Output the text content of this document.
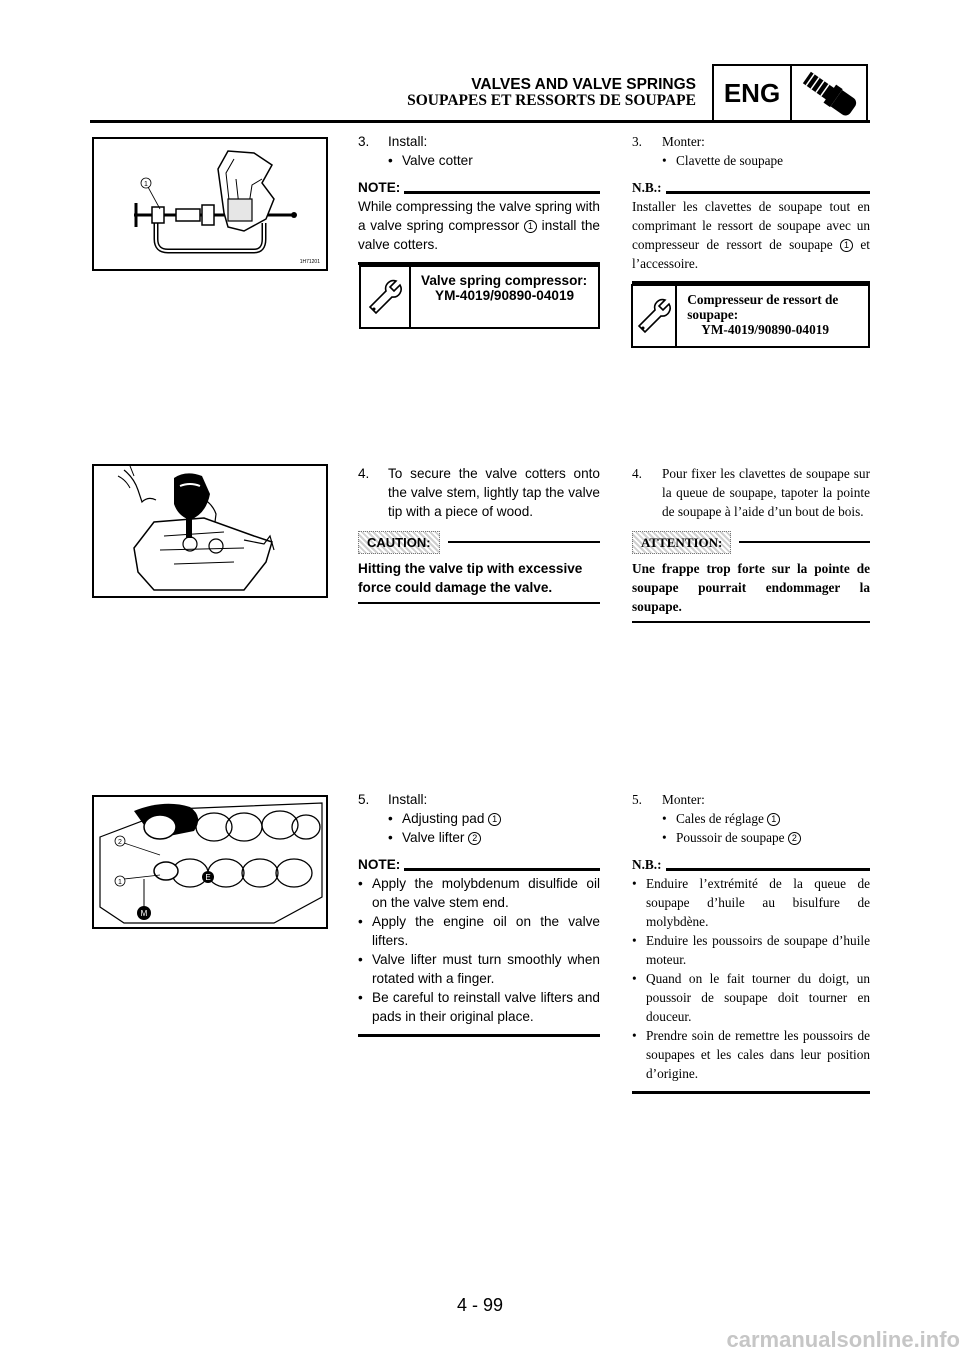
VALVES AND VALVE SPRINGS
SOUPAPES ET RESSORTS DE SOUPAPE	ENG
1
1H71201
2
1
E
M
3.	Install:
• Valve cotter
NOTE:
While compressing the valve spring with a valve spring compressor 1 install the valve cotters.
Valve spring compressor:
YM-4019/90890-04019
3.	Monter:
• Clavette de soupape
N.B.:
Installer les clavettes de soupape tout en comprimant le ressort de soupape avec un compresseur de ressort de soupape 1 et l’accessoire.
Compresseur de ressort de soupape:
YM-4019/90890-04019
4.	To secure the valve cotters onto the valve stem, lightly tap the valve tip with a piece of wood.
CAUTION:
Hitting the valve tip with excessive force could damage the valve.
4.	Pour fixer les clavettes de soupape sur la queue de soupape, tapoter la pointe de soupape à l’aide d’un bout de bois.
ATTENTION:
Une frappe trop forte sur la pointe de soupape pourrait endommager la soupape.
5.	Install:
• Adjusting pad 1
• Valve lifter 2
NOTE:
• Apply the molybdenum disulfide oil on the valve stem end.
• Apply the engine oil on the valve lifters.
• Valve lifter must turn smoothly when rotated with a finger.
• Be careful to reinstall valve lifters and pads in their original place.
5.	Monter:
• Cales de réglage 1
• Poussoir de soupape 2
N.B.:
• Enduire l’extrémité de la queue de soupape d’huile au bisulfure de molybdène.
• Enduire les poussoirs de soupape d’huile moteur.
• Quand on le fait tourner du doigt, un poussoir de soupape doit tourner en douceur.
• Prendre soin de remettre les poussoirs de soupapes et les cales dans leur position d’origine.
4 - 99
carmanualsonline.info
